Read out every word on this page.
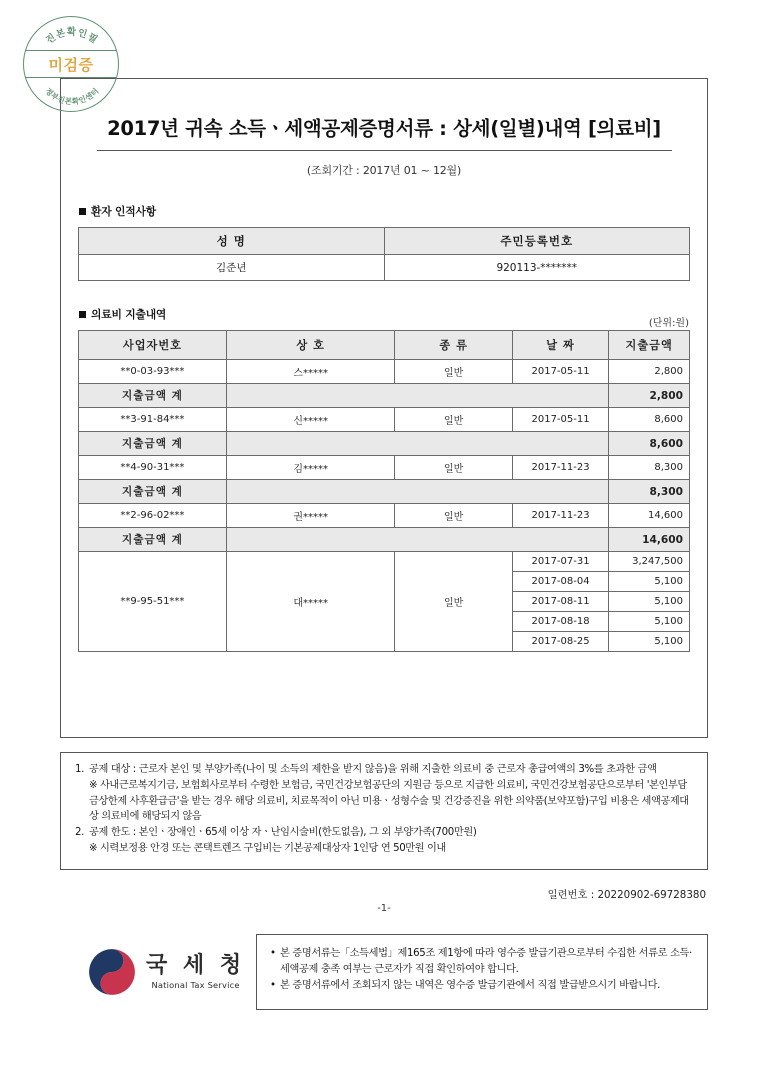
진본확인필
정부진본확인센터
미검증
2017년 귀속 소득ㆍ세액공제증명서류 : 상세(일별)내역 [의료비]
(조회기간 : 2017년 01 ~ 12월)
환자 인적사항
성 명	주민등록번호
김준년	920113-*******
의료비 지출내역
(단위:원)
사업자번호	상 호	종 류	날 짜	지출금액
**0-03-93***	스*****	일반	2017-05-11	2,800
지출금액 계				2,800
**3-91-84***	신*****	일반	2017-05-11	8,600
지출금액 계				8,600
**4-90-31***	김*****	일반	2017-11-23	8,300
지출금액 계				8,300
**2-96-02***	권*****	일반	2017-11-23	14,600
지출금액 계				14,600
**9-95-51***	대*****	일반	2017-07-31	3,247,500
			2017-08-04	5,100
			2017-08-11	5,100
			2017-08-18	5,100
			2017-08-25	5,100
1. 공제 대상 : 근로자 본인 및 부양가족(나이 및 소득의 제한을 받지 않음)을 위해 지출한 의료비 중 근로자 총급여액의 3%를 초과한 금액
※ 사내근로복지기금, 보험회사로부터 수령한 보험금, 국민건강보험공단의 지원금 등으로 지급한 의료비, 국민건강보험공단으로부터 '본인부담금상한제 사후환급금'을 받는 경우 해당 의료비, 치료목적이 아닌 미용ㆍ성형수술 및 건강증진을 위한 의약품(보약포함)구입 비용은 세액공제대상 의료비에 해당되지 않음
2. 공제 한도 : 본인ㆍ장애인ㆍ65세 이상 자ㆍ난임시술비(한도없음), 그 외 부양가족(700만원)
※ 시력보정용 안경 또는 콘택트렌즈 구입비는 기본공제대상자 1인당 연 50만원 이내
일련번호 : 20220902-69728380
-1-
국 세 청
National Tax Service
• 본 증명서류는「소득세법」제165조 제1항에 따라 영수증 발급기관으로부터 수집한 서류로 소득·세액공제 충족 여부는 근로자가 직접 확인하여야 합니다.
• 본 증명서류에서 조회되지 않는 내역은 영수증 발급기관에서 직접 발급받으시기 바랍니다.
